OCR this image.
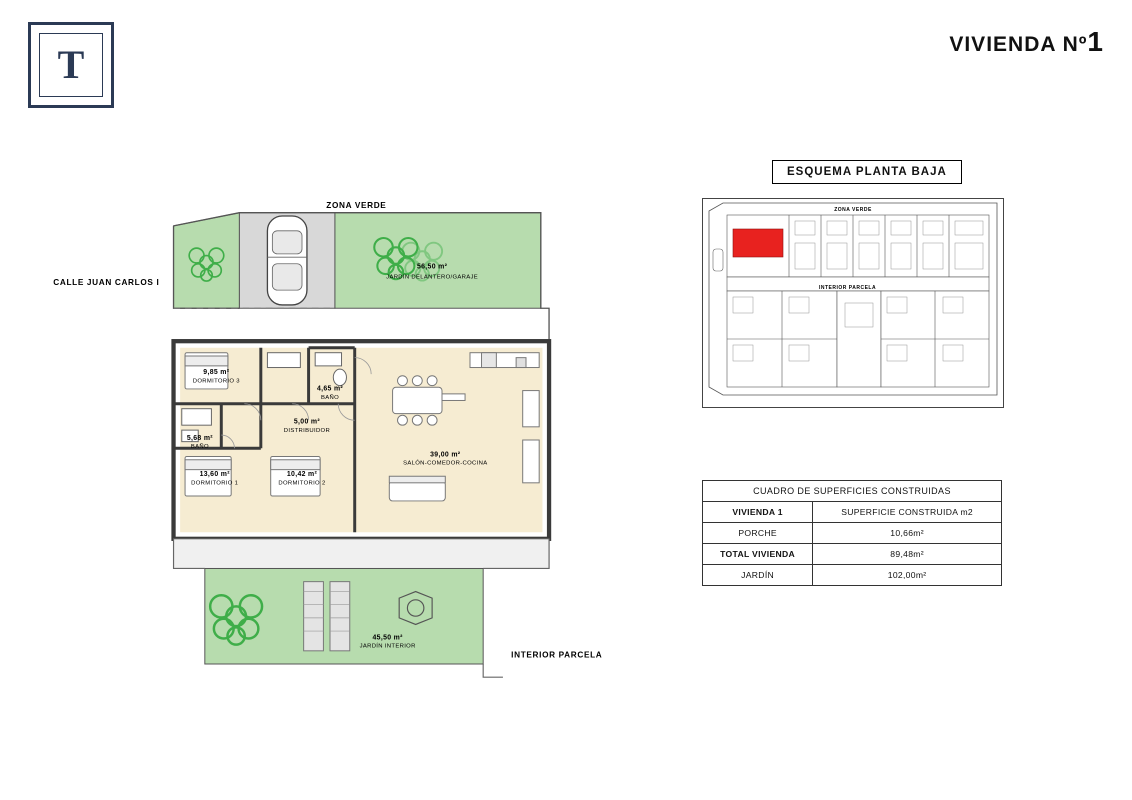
T	VIVIENDA Nº1
ZONA VERDE
CALLE JUAN CARLOS I
56,50 m²
JARDÍN DELANTERO/GARAJE
9,85 m²
DORMITORIO 3
4,65 m²
BAÑO
5,00 m²
DISTRIBUIDOR
5,68 m²
BAÑO
13,60 m²
DORMITORIO 1
10,42 m²
DORMITORIO 2
39,00 m²
SALÓN-COMEDOR-COCINA
45,50 m²
JARDÍN INTERIOR
INTERIOR PARCELA
ESQUEMA PLANTA BAJA
ZONA VERDE
INTERIOR PARCELA
CUADRO DE SUPERFICIES CONSTRUIDAS	
VIVIENDA 1	SUPERFICIE CONSTRUIDA m2
PORCHE	10,66m²
TOTAL VIVIENDA	89,48m²
JARDÍN	102,00m²
